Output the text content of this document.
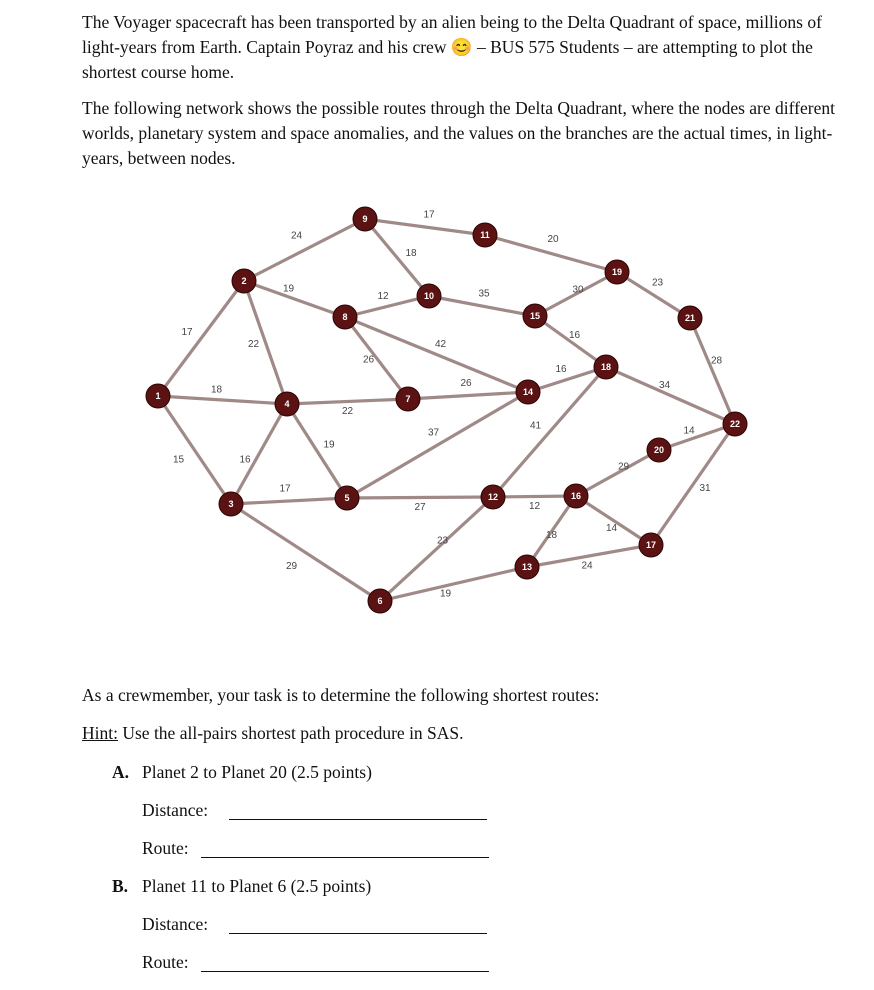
The Voyager spacecraft has been transported by an alien being to the Delta Quadrant of space, millions of light-years from Earth. Captain Poyraz and his crew 😊 – BUS 575 Students – are attempting to plot the shortest course home.

The following network shows the possible routes through the Delta Quadrant, where the nodes are different worlds, planetary system and space anomalies, and the values on the branches are the actual times, in light-years, between nodes.

17
18
15
24
19
22
16
17
29
22
19
12
26
42
17
18
35
20
26
37
27
23
19
12
41
18
24
16
30
16
29
14
23
34
28
14
31
1
2
3
4
5
6
7
8
9
10
11
12
13
14
15
16
17
18
19
20
21
22
As a crewmember, your task is to determine the following shortest routes:
Hint: Use the all-pairs shortest path procedure in SAS.
A. Planet 2 to Planet 20 (2.5 points)
Distance:
Route:
B. Planet 11 to Planet 6 (2.5 points)
Distance:
Route:
